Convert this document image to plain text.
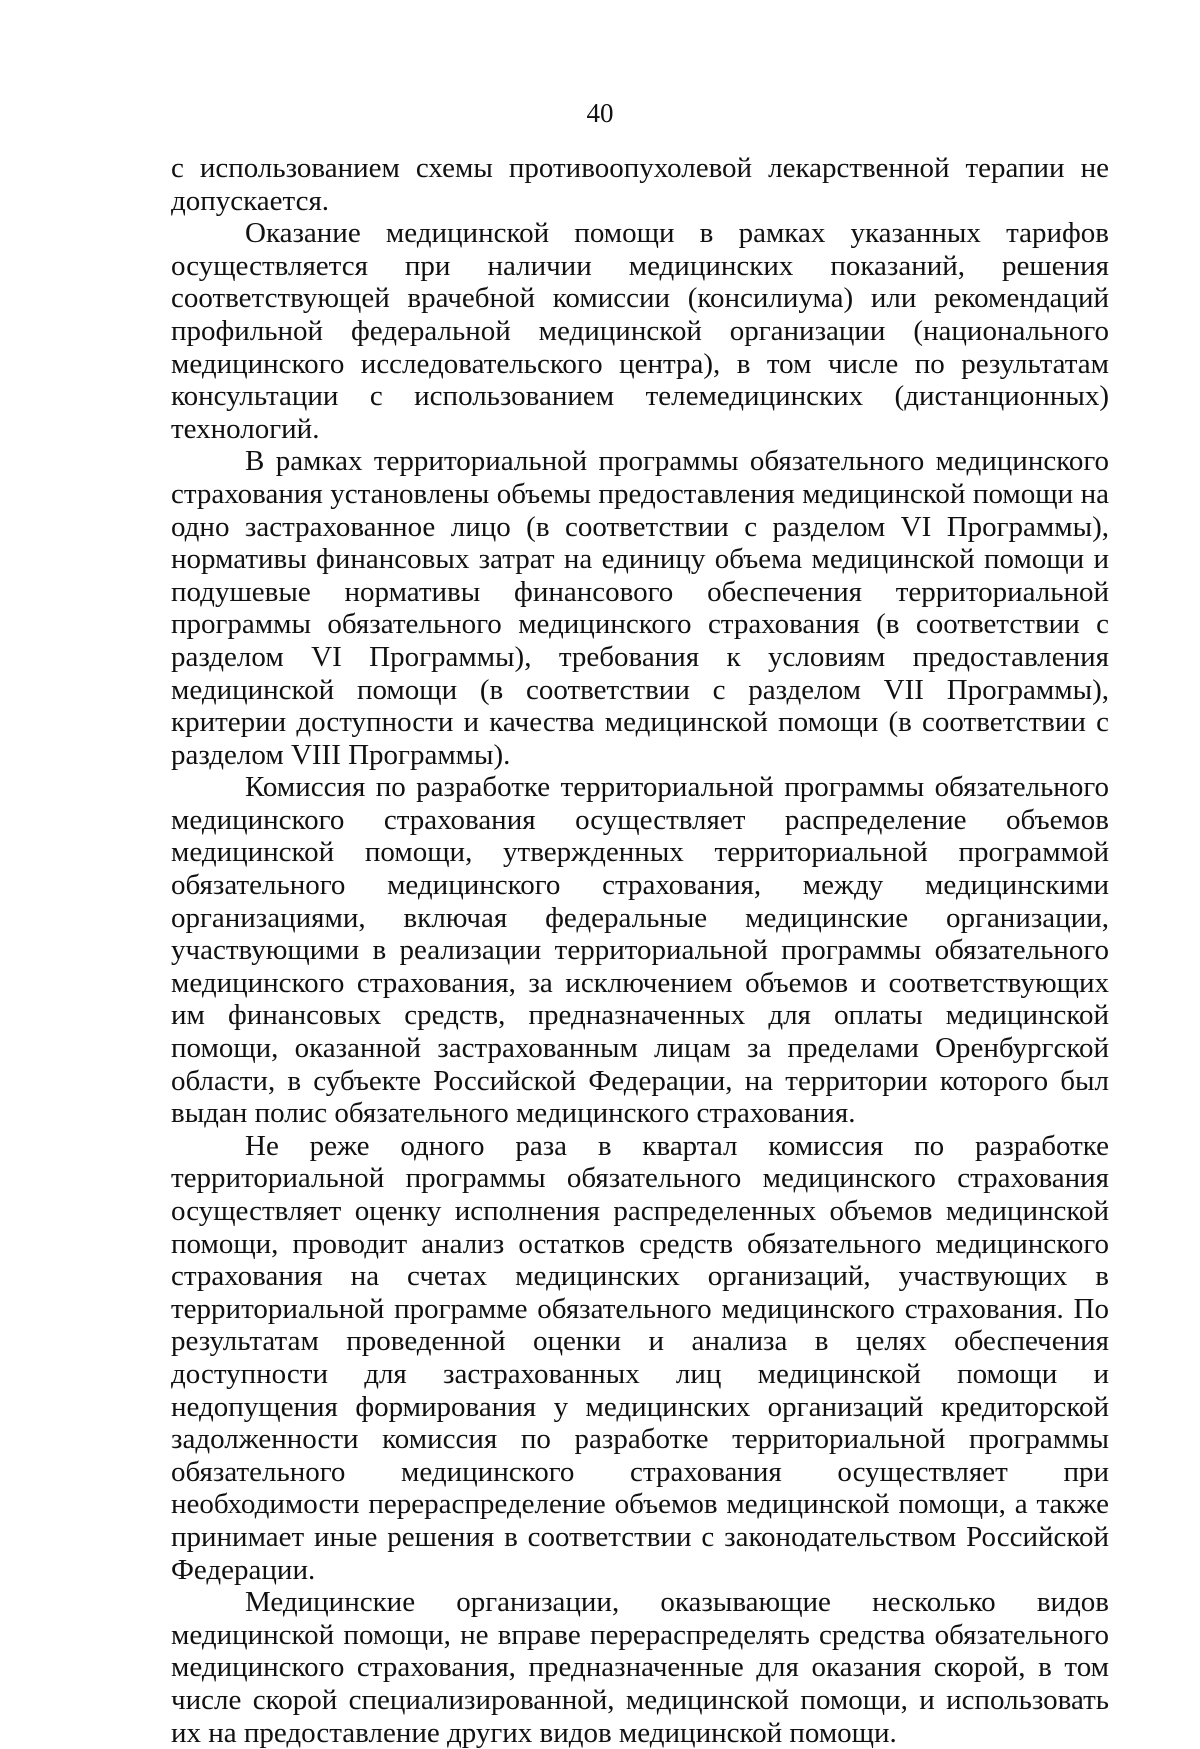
40

с использованием схемы противоопухолевой лекарственной терапии не допускается.

Оказание медицинской помощи в рамках указанных тарифов осуществляется при наличии медицинских показаний, решения соответствующей врачебной комиссии (консилиума) или рекомендаций профильной федеральной медицинской организации (национального медицинского исследовательского центра), в том числе по результатам консультации с использованием телемедицинских (дистанционных) технологий.

В рамках территориальной программы обязательного медицинского страхования установлены объемы предоставления медицинской помощи на одно застрахованное лицо (в соответствии с разделом VI Программы), нормативы финансовых затрат на единицу объема медицинской помощи и подушевые нормативы финансового обеспечения территориальной программы обязательного медицинского страхования (в соответствии с разделом VI Программы), требования к условиям предоставления медицинской помощи (в соответствии с разделом VII Программы), критерии доступности и качества медицинской помощи (в соответствии с разделом VIII Программы).

Комиссия по разработке территориальной программы обязательного медицинского страхования осуществляет распределение объемов медицинской помощи, утвержденных территориальной программой обязательного медицинского страхования, между медицинскими организациями, включая федеральные медицинские организации, участвующими в реализации территориальной программы обязательного медицинского страхования, за исключением объемов и соответствующих им финансовых средств, предназначенных для оплаты медицинской помощи, оказанной застрахованным лицам за пределами Оренбургской области, в субъекте Российской Федерации, на территории которого был выдан полис обязательного медицинского страхования.

Не реже одного раза в квартал комиссия по разработке территориальной программы обязательного медицинского страхования осуществляет оценку исполнения распределенных объемов медицинской помощи, проводит анализ остатков средств обязательного медицинского страхования на счетах медицинских организаций, участвующих в территориальной программе обязательного медицинского страхования. По результатам проведенной оценки и анализа в целях обеспечения доступности для застрахованных лиц медицинской помощи и недопущения формирования у медицинских организаций кредиторской задолженности комиссия по разработке территориальной программы обязательного медицинского страхования осуществляет при необходимости перераспределение объемов медицинской помощи, а также принимает иные решения в соответствии с законодательством Российской Федерации.

Медицинские организации, оказывающие несколько видов медицинской помощи, не вправе перераспределять средства обязательного медицинского страхования, предназначенные для оказания скорой, в том числе скорой специализированной, медицинской помощи, и использовать их на предоставление других видов медицинской помощи.
